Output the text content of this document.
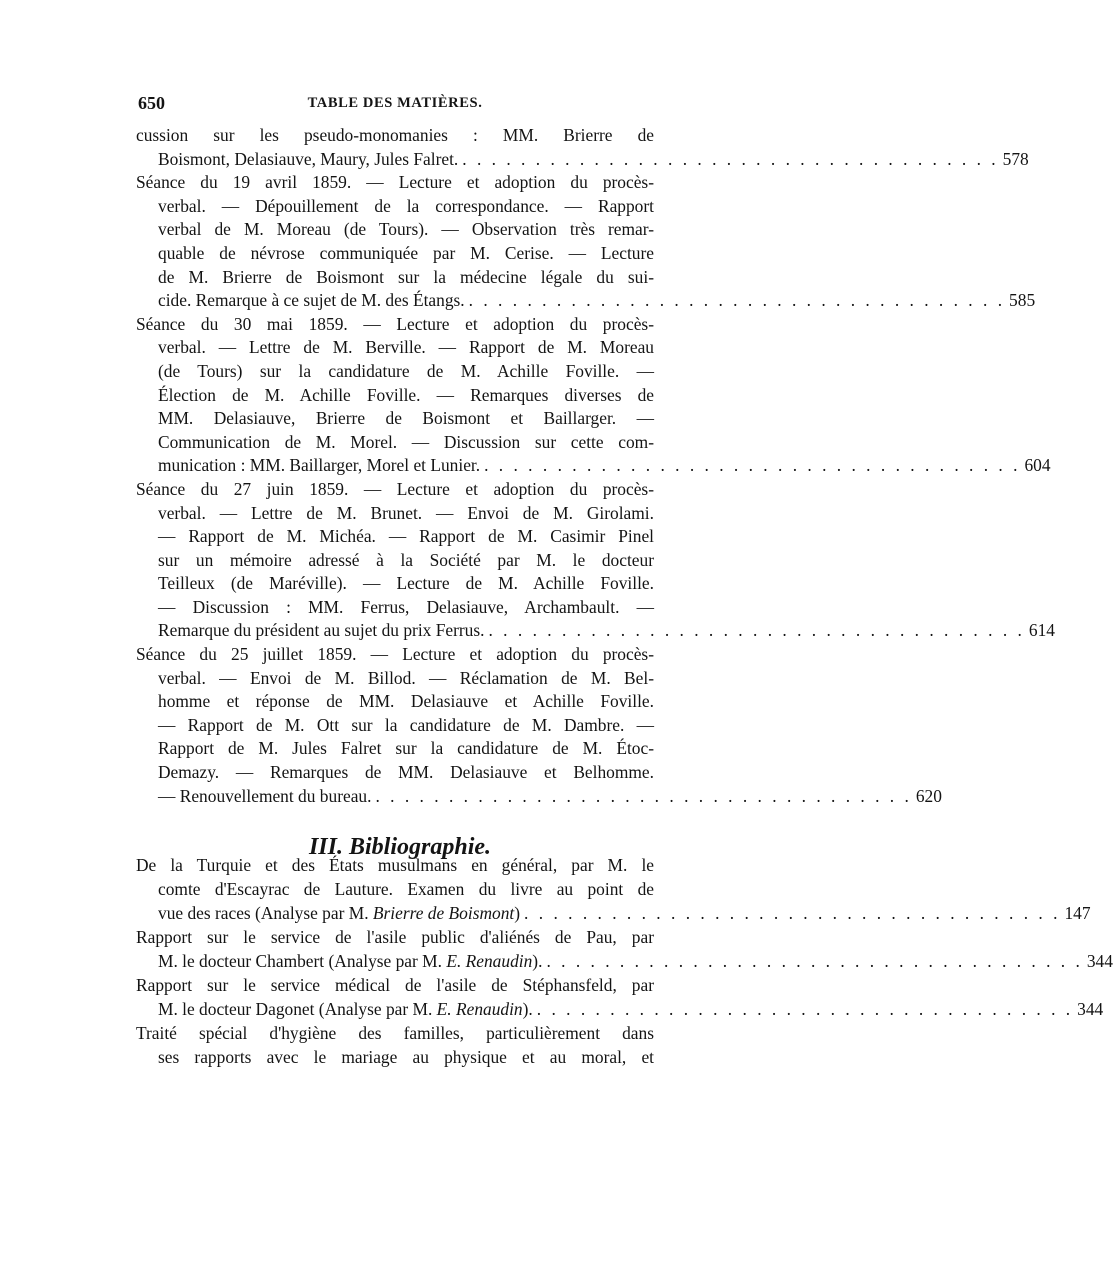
650	TABLE DES MATIÈRES.
cussion sur les pseudo-monomanies : MM. Brierre de
Boismont, Delasiauve, Maury, Jules Falret. . . . . . . . . . . . . . . . . . . . . . . . . . . . . . . . . . . . . . 578
Séance du 19 avril 1859. — Lecture et adoption du procès-
verbal. — Dépouillement de la correspondance. — Rapport
verbal de M. Moreau (de Tours). — Observation très remar-
quable de névrose communiquée par M. Cerise. — Lecture
de M. Brierre de Boismont sur la médecine légale du sui-
cide. Remarque à ce sujet de M. des Étangs. . . . . . . . . . . . . . . . . . . . . . . . . . . . . . . . . . . . . . 585
Séance du 30 mai 1859. — Lecture et adoption du procès-
verbal. — Lettre de M. Berville. — Rapport de M. Moreau
(de Tours) sur la candidature de M. Achille Foville. —
Élection de M. Achille Foville. — Remarques diverses de
MM. Delasiauve, Brierre de Boismont et Baillarger. —
Communication de M. Morel. — Discussion sur cette com-
munication : MM. Baillarger, Morel et Lunier. . . . . . . . . . . . . . . . . . . . . . . . . . . . . . . . . . . . . . 604
Séance du 27 juin 1859. — Lecture et adoption du procès-
verbal. — Lettre de M. Brunet. — Envoi de M. Girolami.
— Rapport de M. Michéa. — Rapport de M. Casimir Pinel
sur un mémoire adressé à la Société par M. le docteur
Teilleux (de Maréville). — Lecture de M. Achille Foville.
— Discussion : MM. Ferrus, Delasiauve, Archambault. —
Remarque du président au sujet du prix Ferrus. . . . . . . . . . . . . . . . . . . . . . . . . . . . . . . . . . . . . . 614
Séance du 25 juillet 1859. — Lecture et adoption du procès-
verbal. — Envoi de M. Billod. — Réclamation de M. Bel-
homme et réponse de MM. Delasiauve et Achille Foville.
— Rapport de M. Ott sur la candidature de M. Dambre. —
Rapport de M. Jules Falret sur la candidature de M. Étoc-
Demazy. — Remarques de MM. Delasiauve et Belhomme.
— Renouvellement du bureau. . . . . . . . . . . . . . . . . . . . . . . . . . . . . . . . . . . . . . 620
III. Bibliographie.
De la Turquie et des États musulmans en général, par M. le
comte d'Escayrac de Lauture. Examen du livre au point de
vue des races (Analyse par M. Brierre de Boismont) . . . . . . . . . . . . . . . . . . . . . . . . . . . . . . . . . . . . . 147
Rapport sur le service de l'asile public d'aliénés de Pau, par
M. le docteur Chambert (Analyse par M. E. Renaudin). . . . . . . . . . . . . . . . . . . . . . . . . . . . . . . . . . . . . . 344
Rapport sur le service médical de l'asile de Stéphansfeld, par
M. le docteur Dagonet (Analyse par M. E. Renaudin). . . . . . . . . . . . . . . . . . . . . . . . . . . . . . . . . . . . . . 344
Traité spécial d'hygiène des familles, particulièrement dans
ses rapports avec le mariage au physique et au moral, et
